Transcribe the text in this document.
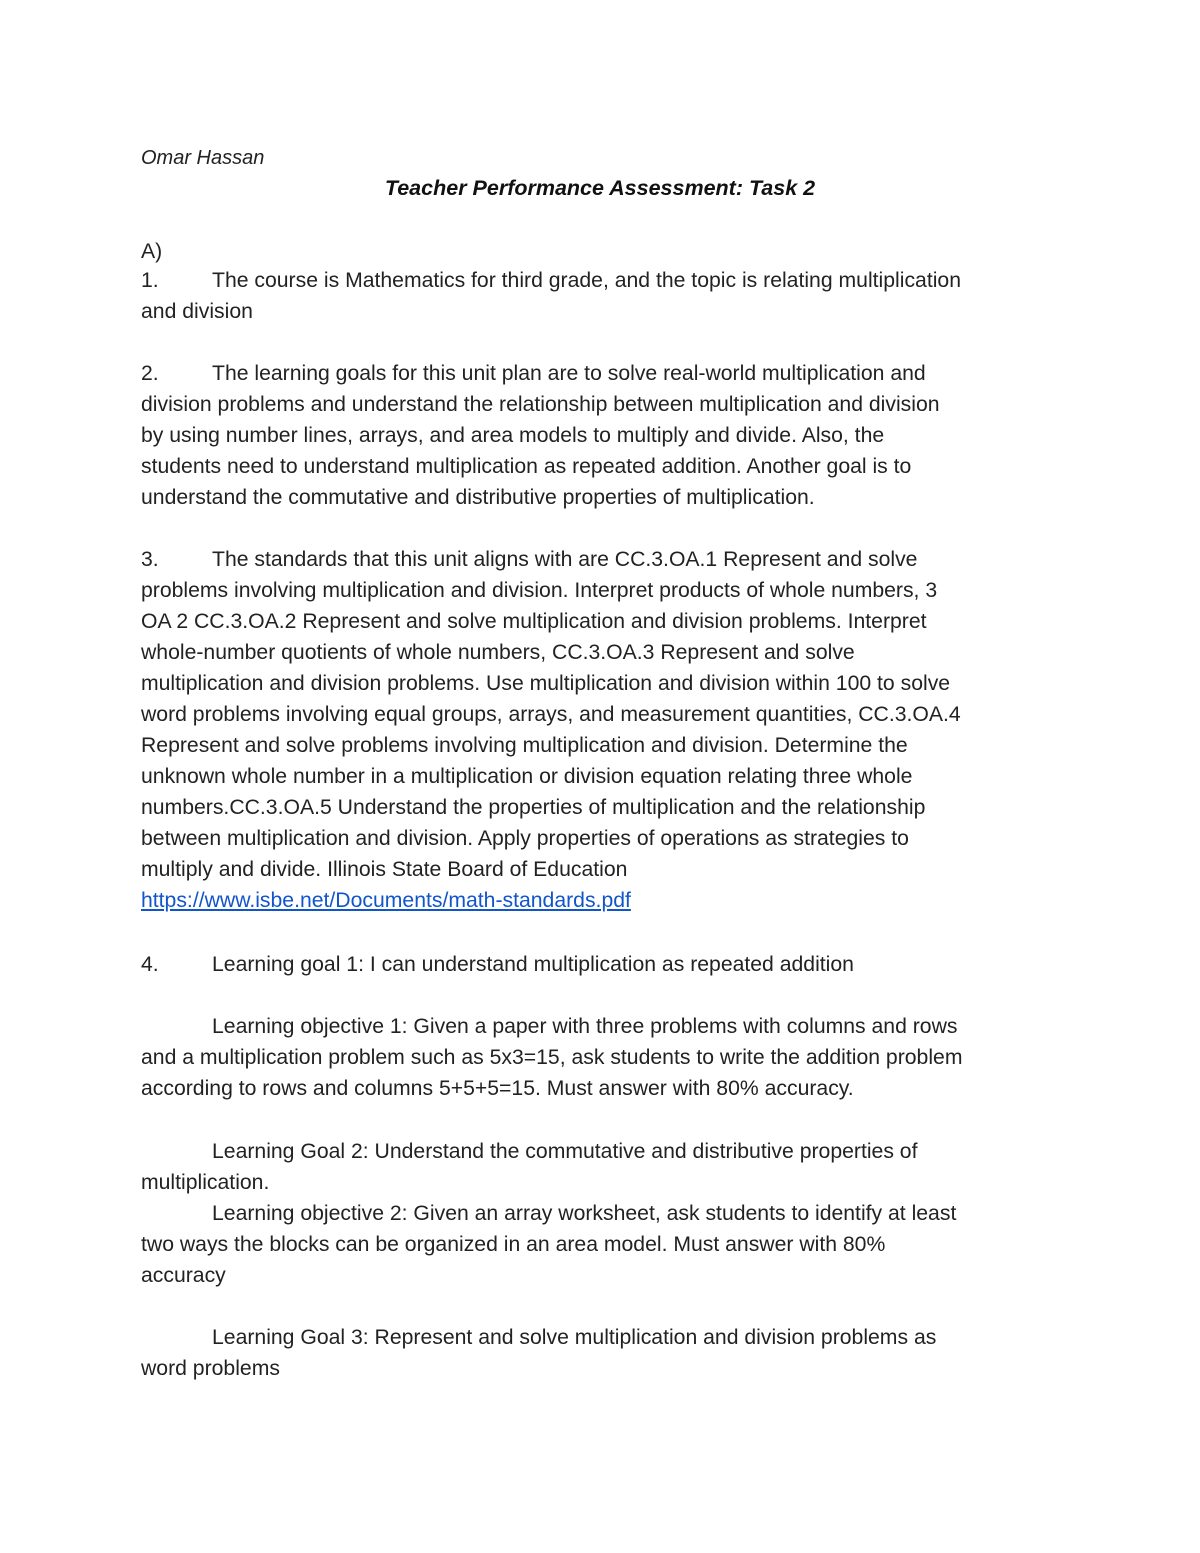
Omar Hassan
Teacher Performance Assessment: Task 2
A)
1.	The course is Mathematics for third grade, and the topic is relating multiplication
and division
2.	The learning goals for this unit plan are to solve real-world multiplication and
division problems and understand the relationship between multiplication and division
by using number lines, arrays, and area models to multiply and divide. Also, the
students need to understand multiplication as repeated addition. Another goal is to
understand the commutative and distributive properties of multiplication.
3.	The standards that this unit aligns with are CC.3.OA.1 Represent and solve
problems involving multiplication and division. Interpret products of whole numbers, 3
OA 2 CC.3.OA.2 Represent and solve multiplication and division problems. Interpret
whole-number quotients of whole numbers, CC.3.OA.3 Represent and solve
multiplication and division problems. Use multiplication and division within 100 to solve
word problems involving equal groups, arrays, and measurement quantities, CC.3.OA.4
Represent and solve problems involving multiplication and division. Determine the
unknown whole number in a multiplication or division equation relating three whole
numbers.CC.3.OA.5 Understand the properties of multiplication and the relationship
between multiplication and division. Apply properties of operations as strategies to
multiply and divide. Illinois State Board of Education
https://www.isbe.net/Documents/math-standards.pdf
4.	Learning goal 1: I can understand multiplication as repeated addition
Learning objective 1: Given a paper with three problems with columns and rows
and a multiplication problem such as 5x3=15, ask students to write the addition problem
according to rows and columns 5+5+5=15. Must answer with 80% accuracy.
Learning Goal 2: Understand the commutative and distributive properties of
multiplication.
Learning objective 2: Given an array worksheet, ask students to identify at least
two ways the blocks can be organized in an area model. Must answer with 80%
accuracy
Learning Goal 3: Represent and solve multiplication and division problems as
word problems
